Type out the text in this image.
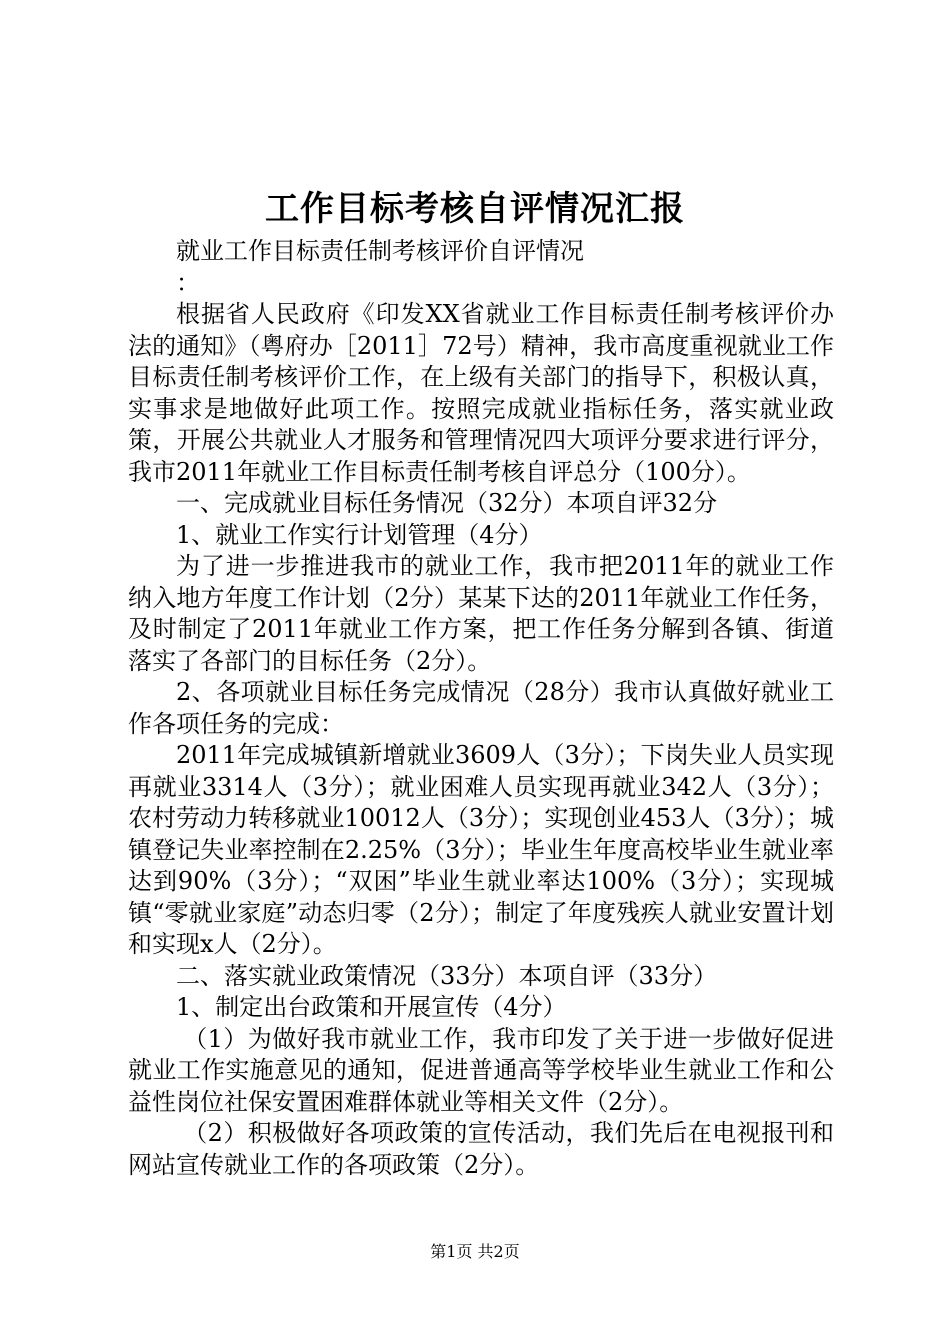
工作目标考核自评情况汇报

就业工作目标责任制考核评价自评情况

：

根据省人民政府《印发XX省就业工作目标责任制考核评价办法的通知》（粤府办［2011］72号）精神，我市高度重视就业工作目标责任制考核评价工作，在上级有关部门的指导下，积极认真，实事求是地做好此项工作。按照完成就业指标任务，落实就业政策，开展公共就业人才服务和管理情况四大项评分要求进行评分，我市2011年就业工作目标责任制考核自评总分（100分）。

一、完成就业目标任务情况（32分）本项自评32分

1、就业工作实行计划管理（4分）

为了进一步推进我市的就业工作，我市把2011年的就业工作纳入地方年度工作计划（2分）某某下达的2011年就业工作任务，及时制定了2011年就业工作方案，把工作任务分解到各镇、街道落实了各部门的目标任务（2分）。

2、各项就业目标任务完成情况（28分）我市认真做好就业工作各项任务的完成：

2011年完成城镇新增就业3609人（3分）；下岗失业人员实现再就业3314人（3分）；就业困难人员实现再就业342人（3分）；农村劳动力转移就业10012人（3分）；实现创业453人（3分）；城镇登记失业率控制在2.25%（3分）；毕业生年度高校毕业生就业率达到90%（3分）；“双困”毕业生就业率达100%（3分）；实现城镇“零就业家庭”动态归零（2分）；制定了年度残疾人就业安置计划和实现x人（2分）。

二、落实就业政策情况（33分）本项自评（33分）

1、制定出台政策和开展宣传（4分）

（1）为做好我市就业工作，我市印发了关于进一步做好促进就业工作实施意见的通知，促进普通高等学校毕业生就业工作和公益性岗位社保安置困难群体就业等相关文件（2分）。

（2）积极做好各项政策的宣传活动，我们先后在电视报刊和网站宣传就业工作的各项政策（2分）。

第1页 共2页
